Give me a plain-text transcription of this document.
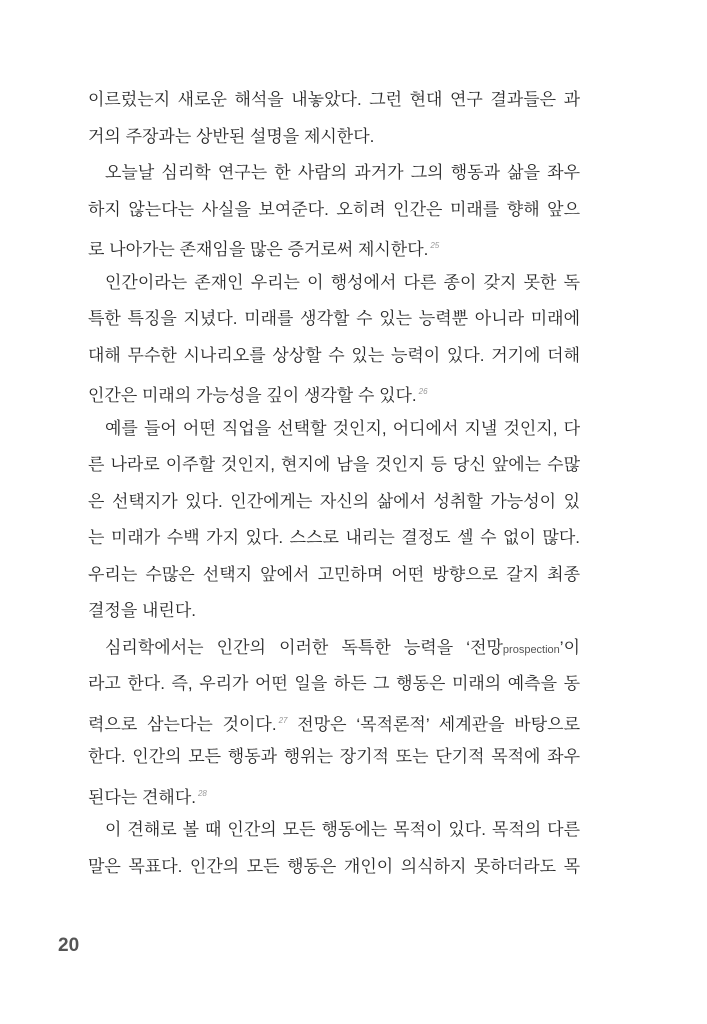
이르렀는지 새로운 해석을 내놓았다. 그런 현대 연구 결과들은 과
거의 주장과는 상반된 설명을 제시한다.
오늘날 심리학 연구는 한 사람의 과거가 그의 행동과 삶을 좌우
하지 않는다는 사실을 보여준다. 오히려 인간은 미래를 향해 앞으
로 나아가는 존재임을 많은 증거로써 제시한다. $^{25}$
인간이라는 존재인 우리는 이 행성에서 다른 종이 갖지 못한 독
특한 특징을 지녔다. 미래를 생각할 수 있는 능력뿐 아니라 미래에
대해 무수한 시나리오를 상상할 수 있는 능력이 있다. 거기에 더해
인간은 미래의 가능성을 깊이 생각할 수 있다. $^{26}$
예를 들어 어떤 직업을 선택할 것인지, 어디에서 지낼 것인지, 다
른 나라로 이주할 것인지, 현지에 남을 것인지 등 당신 앞에는 수많
은 선택지가 있다. 인간에게는 자신의 삶에서 성취할 가능성이 있
는 미래가 수백 가지 있다. 스스로 내리는 결정도 셀 수 없이 많다.
우리는 수많은 선택지 앞에서 고민하며 어떤 방향으로 갈지 최종
결정을 내린다.
심리학에서는 인간의 이러한 독특한 능력을 ‘전망prospection’이
라고 한다. 즉, 우리가 어떤 일을 하든 그 행동은 미래의 예측을 동
력으로 삼는다는 것이다. $^{27}$ 전망은 ‘목적론적’ 세계관을 바탕으로
한다. 인간의 모든 행동과 행위는 장기적 또는 단기적 목적에 좌우
된다는 견해다. $^{28}$
이 견해로 볼 때 인간의 모든 행동에는 목적이 있다. 목적의 다른
말은 목표다. 인간의 모든 행동은 개인이 의식하지 못하더라도 목
20
